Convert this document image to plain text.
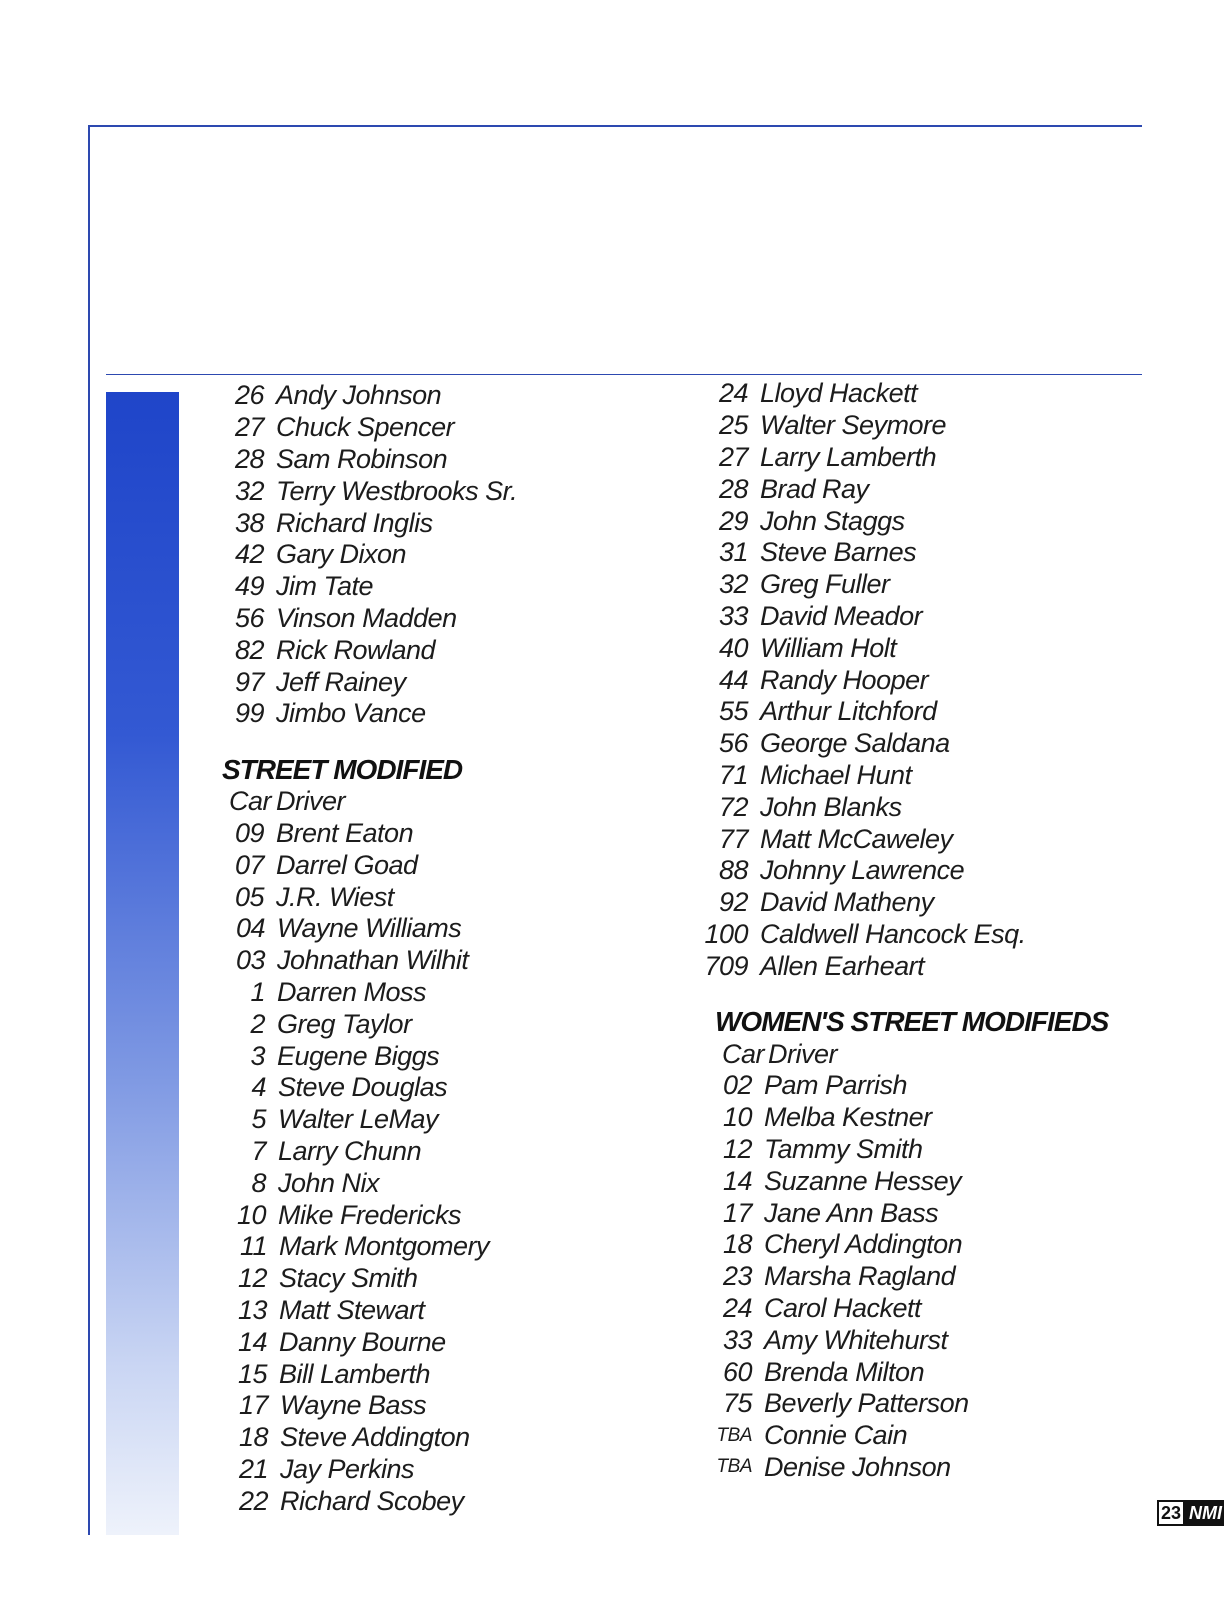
26 Andy Johnson
27 Chuck Spencer
28 Sam Robinson
32 Terry Westbrooks Sr.
38 Richard Inglis
42 Gary Dixon
49 Jim Tate
56 Vinson Madden
82 Rick Rowland
97 Jeff Rainey
99 Jimbo Vance
STREET MODIFIED
Car Driver
09 Brent Eaton
07 Darrel Goad
05 J.R. Wiest
04 Wayne Williams
03 Johnathan Wilhit
1 Darren Moss
2 Greg Taylor
3 Eugene Biggs
4 Steve Douglas
5 Walter LeMay
7 Larry Chunn
8 John Nix
10 Mike Fredericks
11 Mark Montgomery
12 Stacy Smith
13 Matt Stewart
14 Danny Bourne
15 Bill Lamberth
17 Wayne Bass
18 Steve Addington
21 Jay Perkins
22 Richard Scobey
24 Lloyd Hackett
25 Walter Seymore
27 Larry Lamberth
28 Brad Ray
29 John Staggs
31 Steve Barnes
32 Greg Fuller
33 David Meador
40 William Holt
44 Randy Hooper
55 Arthur Litchford
56 George Saldana
71 Michael Hunt
72 John Blanks
77 Matt McCaweley
88 Johnny Lawrence
92 David Matheny
100 Caldwell Hancock Esq.
709 Allen Earheart
WOMEN'S STREET MODIFIEDS
Car Driver
02 Pam Parrish
10 Melba Kestner
12 Tammy Smith
14 Suzanne Hessey
17 Jane Ann Bass
18 Cheryl Addington
23 Marsha Ragland
24 Carol Hackett
33 Amy Whitehurst
60 Brenda Milton
75 Beverly Patterson
TBA Connie Cain
TBA Denise Johnson
23 NMI
